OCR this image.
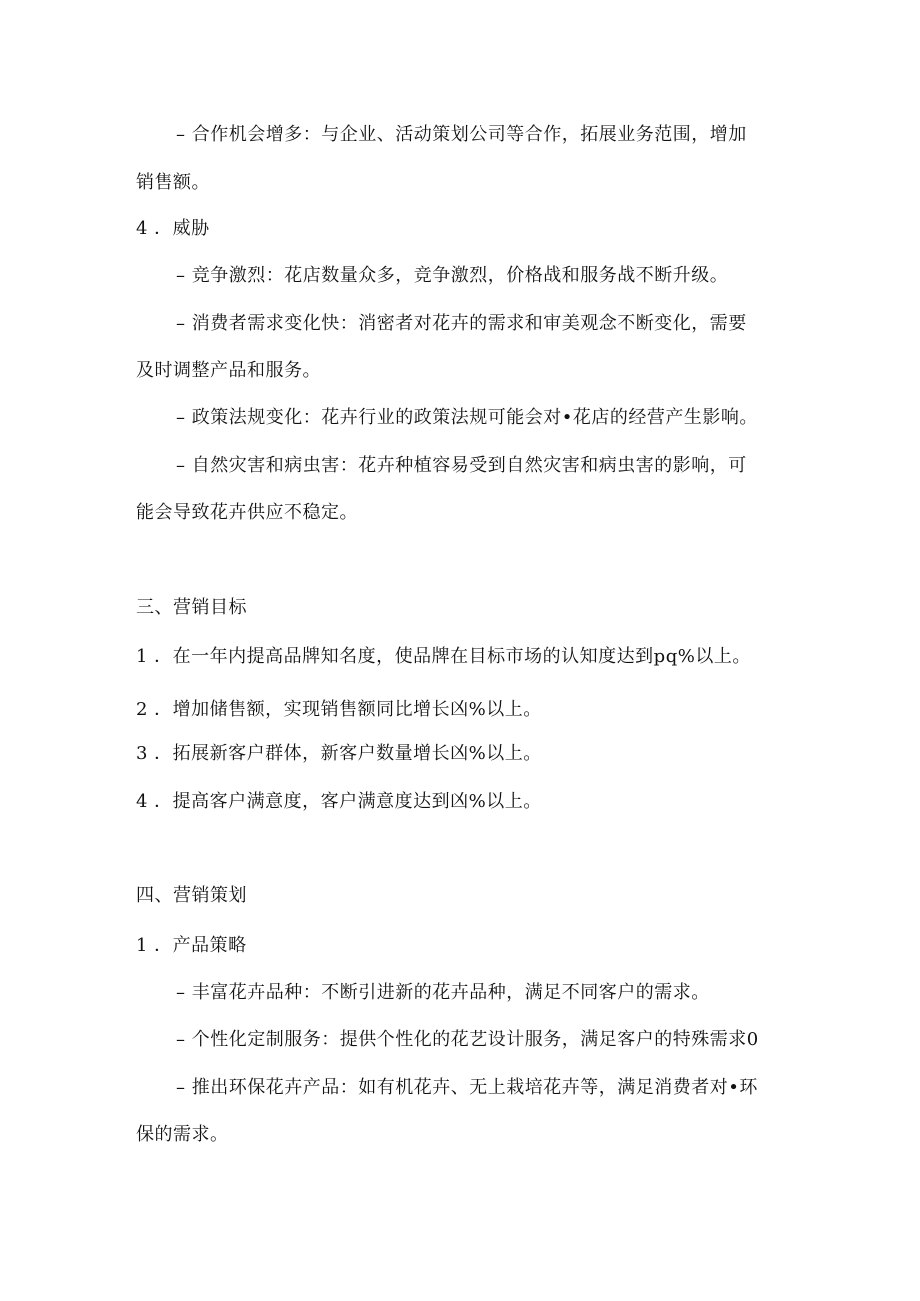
– 合作机会增多：与企业、活动策划公司等合作，拓展业务范围，增加
销售额。
4 ．威胁
– 竞争激烈：花店数量众多，竞争激烈，价格战和服务战不断升级。
– 消费者需求变化快：消密者对花卉的需求和审美观念不断变化，需要
及时调整产品和服务。
– 政策法规变化：花卉行业的政策法规可能会对•花店的经营产生影响。
– 自然灾害和病虫害：花卉种植容易受到自然灾害和病虫害的影响，可
能会导致花卉供应不稳定。
三、营销目标
1 ．在一年内提高品牌知名度，使品牌在目标市场的认知度达到pq%以上。
2 ．增加储售额，实现销售额同比增长凶%以上。
3 ．拓展新客户群体，新客户数量增长凶%以上。
4 ．提高客户满意度，客户满意度达到凶%以上。
四、营销策划
1 ．产品策略
– 丰富花卉品种：不断引进新的花卉品种，满足不同客户的需求。
– 个性化定制服务：提供个性化的花艺设计服务，满足客户的特殊需求0
– 推出环保花卉产品：如有机花卉、无上栽培花卉等，满足消费者对•环
保的需求。
